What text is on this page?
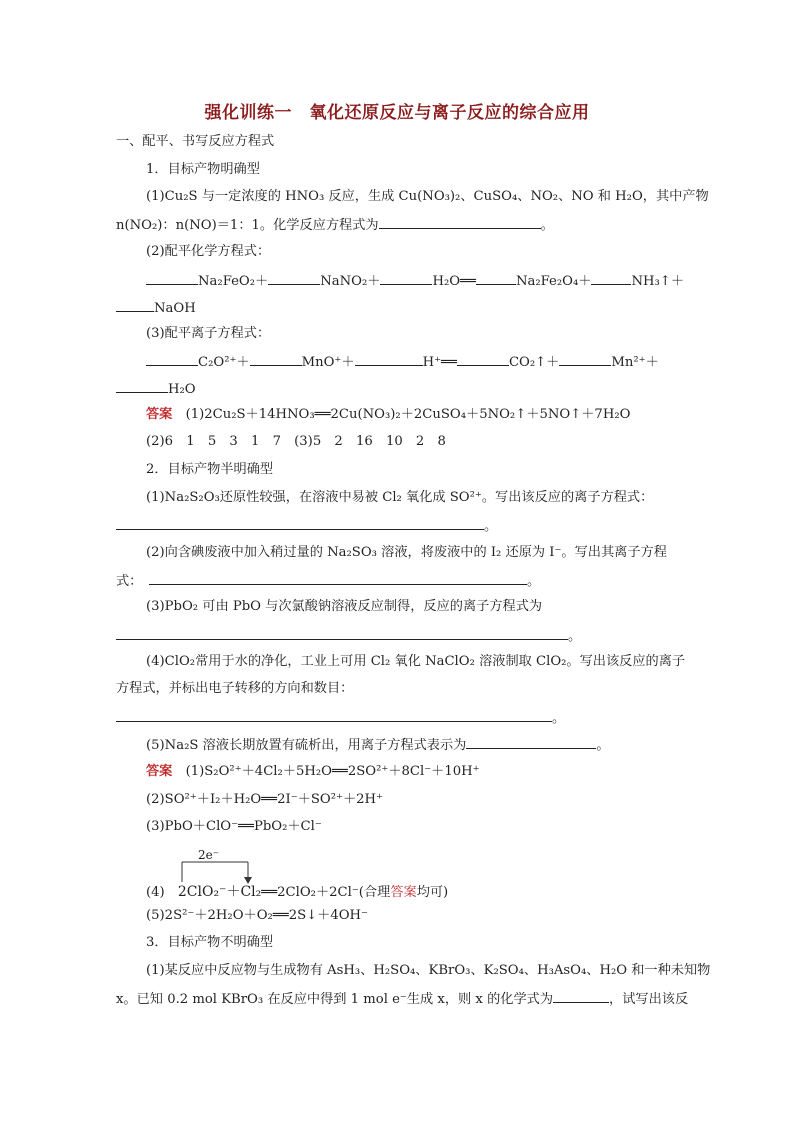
强化训练一　氧化还原反应与离子反应的综合应用
一、配平、书写反应方程式
1．目标产物明确型
(1)Cu₂S 与一定浓度的 HNO₃ 反应，生成 Cu(NO₃)₂、CuSO₄、NO₂、NO 和 H₂O，其中产物
n(NO₂)：n(NO)＝1：1。化学反应方程式为	。
(2)配平化学方程式：
Na₂FeO₂＋	NaNO₂＋	H₂O══	Na₂Fe₂O₄＋	NH₃↑＋
NaOH
(3)配平离子方程式：
C₂O²⁺＋	MnO⁺＋	H⁺══	CO₂↑＋	Mn²⁺＋
H₂O
答案　 (1)2Cu₂S＋14HNO₃══2Cu(NO₃)₂＋2CuSO₄＋5NO₂↑＋5NO↑＋7H₂O
(2)6　1　5　3　1　7　(3)5　2　16　10　2　8
2．目标产物半明确型
(1)Na₂S₂O₃还原性较强，在溶液中易被 Cl₂ 氧化成 SO²⁺。写出该反应的离子方程式：
。
(2)向含碘废液中加入稍过量的 Na₂SO₃ 溶液，将废液中的 I₂ 还原为 I⁻。写出其离子方程
式：　	。
(3)PbO₂ 可由 PbO 与次氯酸钠溶液反应制得，反应的离子方程式为
。
(4)ClO₂常用于水的净化，工业上可用 Cl₂ 氧化 NaClO₂ 溶液制取 ClO₂。写出该反应的离子
方程式，并标出电子转移的方向和数目：
。
(5)Na₂S 溶液长期放置有硫析出，用离子方程式表示为	。
答案　 (1)S₂O²⁺＋4Cl₂＋5H₂O══2SO²⁺＋8Cl⁻＋10H⁺
(2)SO²⁺＋I₂＋H₂O══2I⁻＋SO²⁺＋2H⁺
(3)PbO＋ClO⁻══PbO₂＋Cl⁻
2e⁻
(4)　 2ClO₂⁻＋Cl₂══2ClO₂＋2Cl⁻(合理答案均可)
(5)2S²⁻＋2H₂O＋O₂══2S↓＋4OH⁻
3．目标产物不明确型
(1)某反应中反应物与生成物有 AsH₃、H₂SO₄、KBrO₃、K₂SO₄、H₃AsO₄、H₂O 和一种未知物
x。已知 0.2 mol KBrO₃ 在反应中得到 1 mol e⁻生成 x，则 x 的化学式为	，试写出该反
